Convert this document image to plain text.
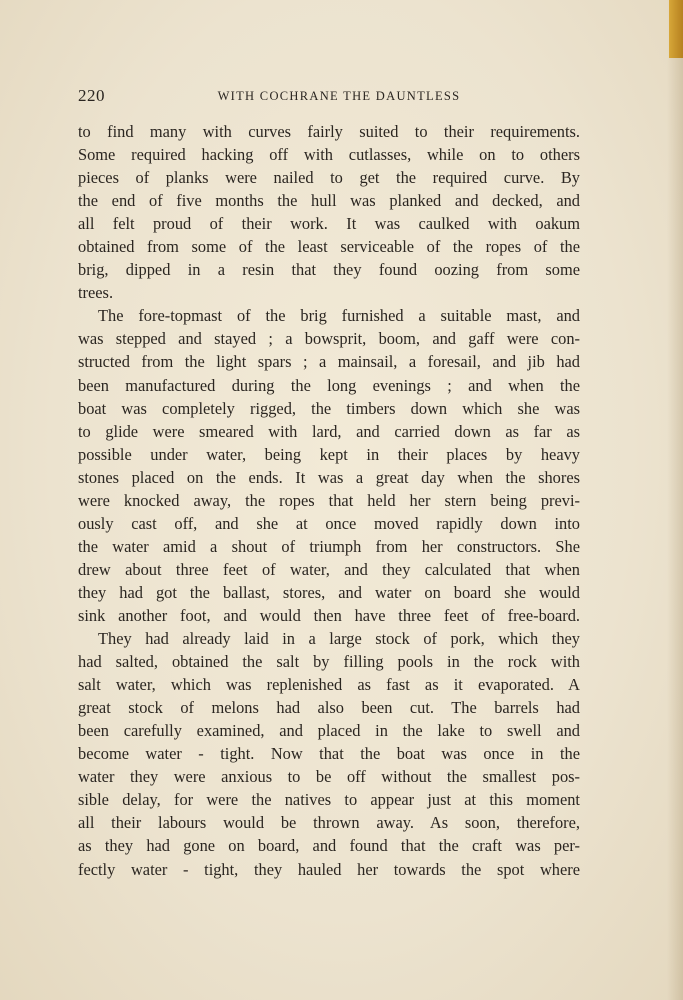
220	WITH COCHRANE THE DAUNTLESS

to find many with curves fairly suited to their requirements.
Some required hacking off with cutlasses, while on to others
pieces of planks were nailed to get the required curve. By
the end of five months the hull was planked and decked, and
all felt proud of their work. It was caulked with oakum
obtained from some of the least serviceable of the ropes of the
brig, dipped in a resin that they found oozing from some
trees.

The fore-topmast of the brig furnished a suitable mast, and
was stepped and stayed ; a bowsprit, boom, and gaff were con-
structed from the light spars ; a mainsail, a foresail, and jib had
been manufactured during the long evenings ; and when the
boat was completely rigged, the timbers down which she was
to glide were smeared with lard, and carried down as far as
possible under water, being kept in their places by heavy
stones placed on the ends. It was a great day when the shores
were knocked away, the ropes that held her stern being previ-
ously cast off, and she at once moved rapidly down into
the water amid a shout of triumph from her constructors. She
drew about three feet of water, and they calculated that when
they had got the ballast, stores, and water on board she would
sink another foot, and would then have three feet of free-board.

They had already laid in a large stock of pork, which they
had salted, obtained the salt by filling pools in the rock with
salt water, which was replenished as fast as it evaporated. A
great stock of melons had also been cut. The barrels had
been carefully examined, and placed in the lake to swell and
become water - tight. Now that the boat was once in the
water they were anxious to be off without the smallest pos-
sible delay, for were the natives to appear just at this moment
all their labours would be thrown away. As soon, therefore,
as they had gone on board, and found that the craft was per-
fectly water - tight, they hauled her towards the spot where
